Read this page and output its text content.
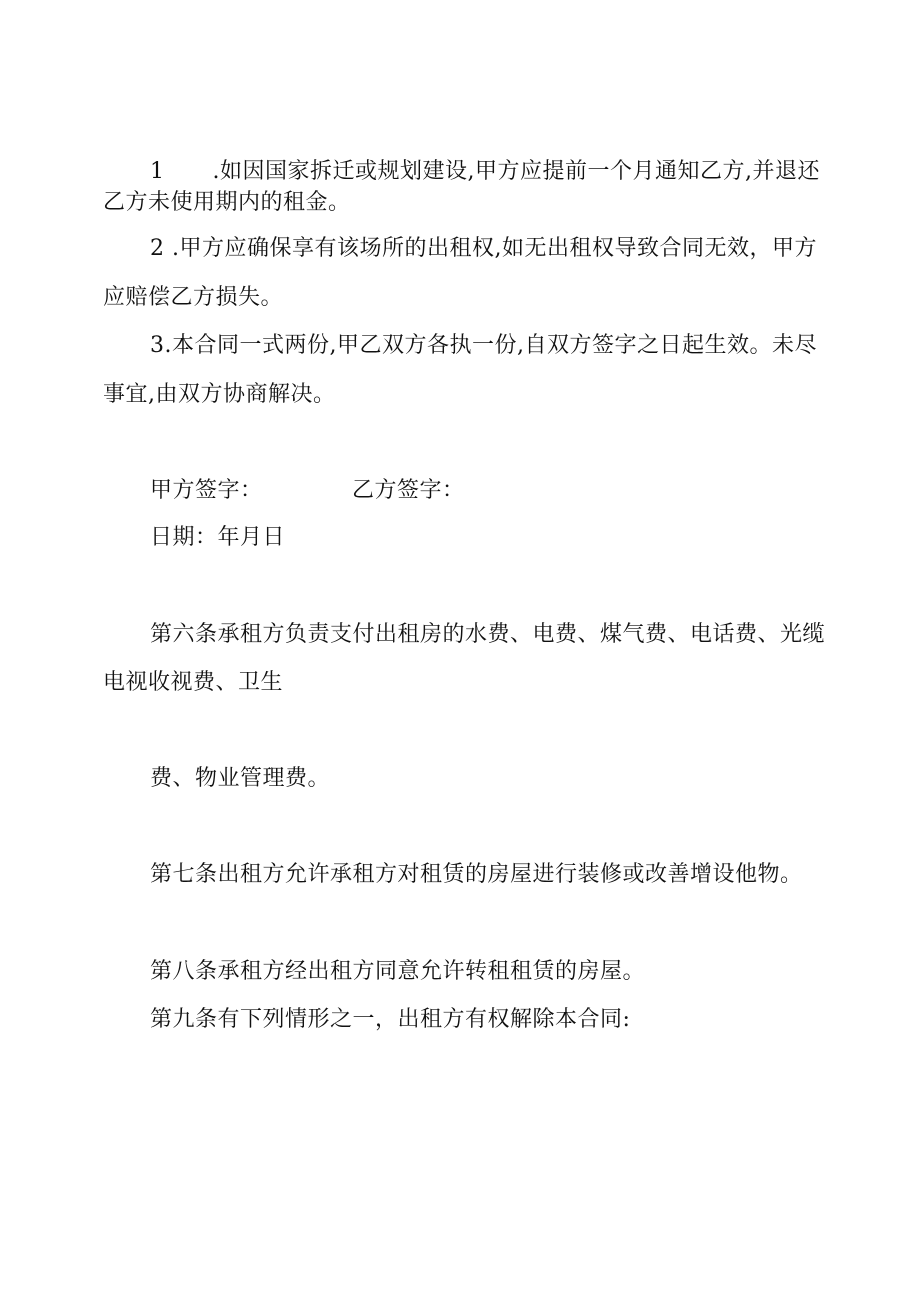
1 .如因国家拆迁或规划建设,甲方应提前一个月通知乙方,并退还
乙方未使用期内的租金。
2 .甲方应确保享有该场所的出租权,如无出租权导致合同无效，甲方
应赔偿乙方损失。
3.本合同一式两份,甲乙双方各执一份,自双方签字之日起生效。未尽
事宜,由双方协商解决。
甲方签字：	乙方签字：
日期：年月日
第六条承租方负责支付出租房的水费、电费、煤气费、电话费、光缆
电视收视费、卫生
费、物业管理费。
第七条出租方允许承租方对租赁的房屋进行装修或改善增设他物。
第八条承租方经出租方同意允许转租租赁的房屋。
第九条有下列情形之一，出租方有权解除本合同:
